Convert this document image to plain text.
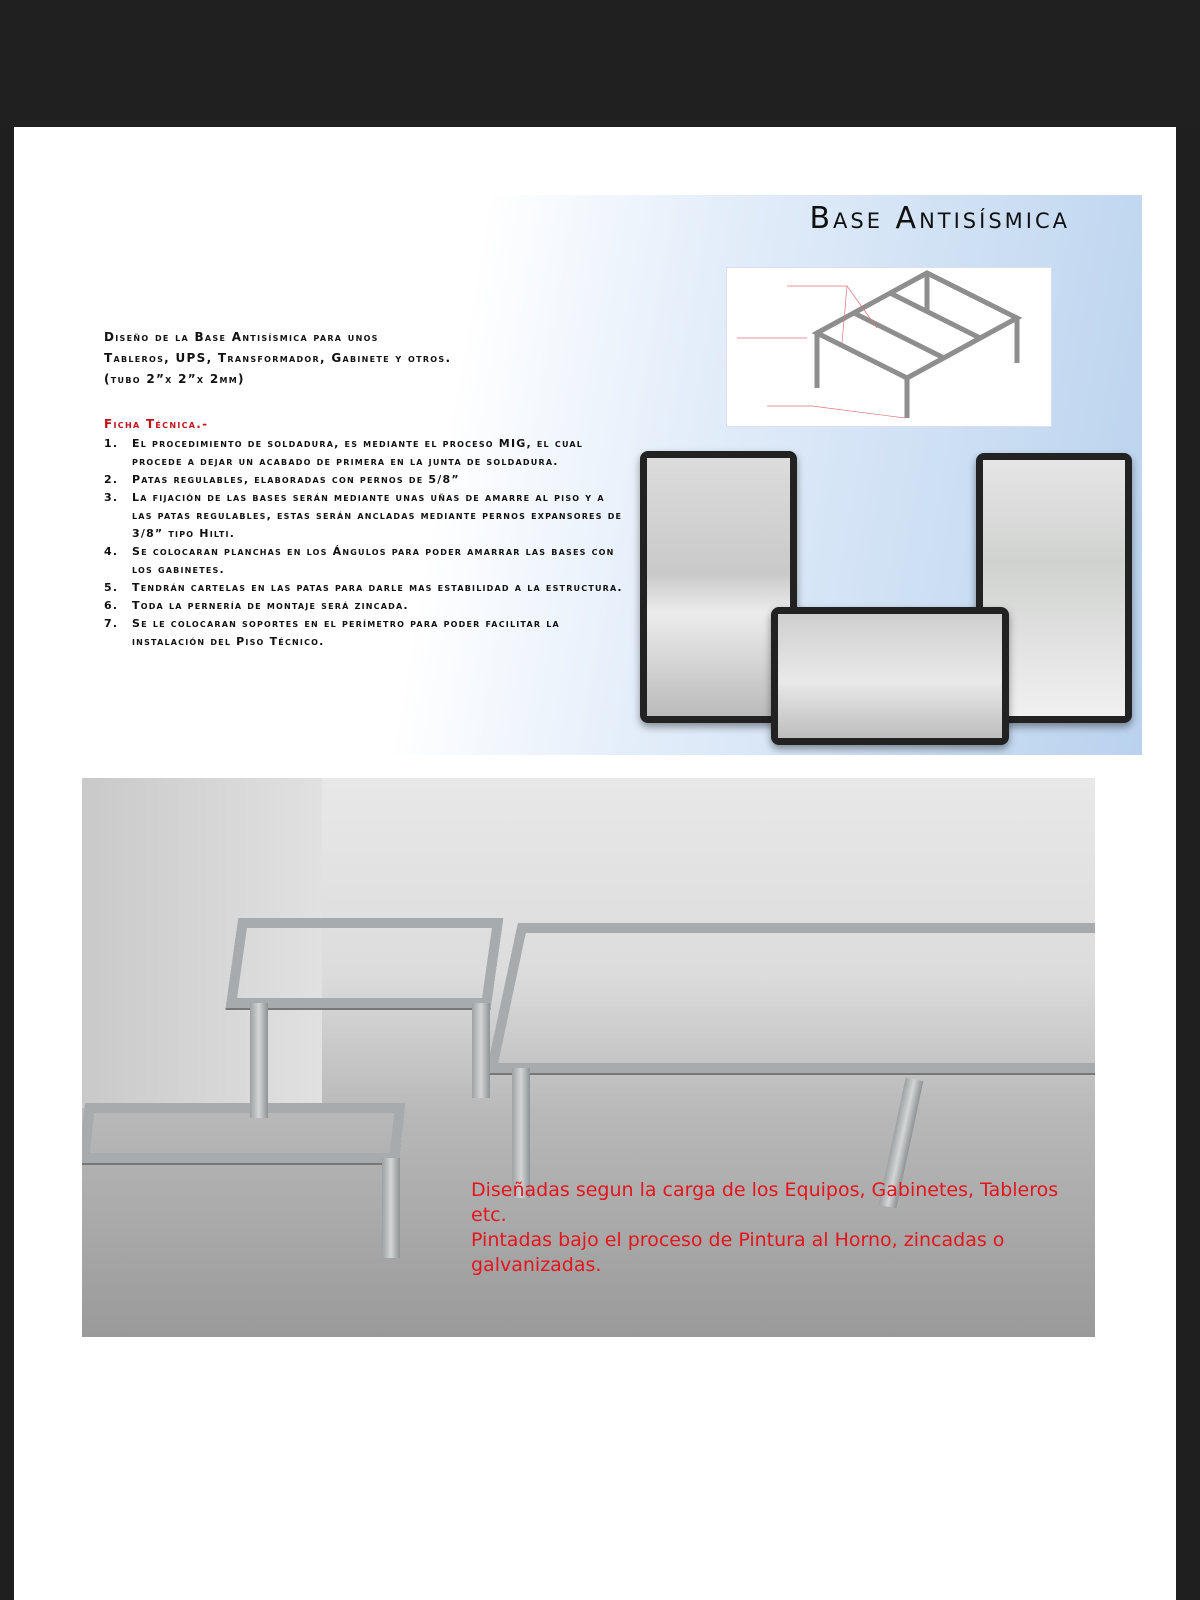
Base Antisísmica
Diseño de la Base Antisísmica para unos
Tableros, UPS, Transformador, Gabinete y otros.
(tubo 2”x 2”x 2mm)
Ficha Técnica.-
1.	El procedimiento de soldadura, es mediante el proceso MIG, el cual procede a dejar un acabado de primera en la junta de soldadura.
2.	Patas regulables, elaboradas con pernos de 5/8”
3.	La fijación de las bases serán mediante unas uñas de amarre al piso y a las patas regulables, estas serán ancladas mediante pernos expansores de 3/8” tipo Hilti.
4.	Se colocaran planchas en los Ángulos para poder amarrar las bases con los gabinetes.
5.	Tendrán cartelas en las patas para darle mas estabilidad a la estructura.
6.	Toda la pernería de montaje será zincada.
7.	Se le colocaran soportes en el perímetro para poder facilitar la instalación del Piso Técnico.
Diseñadas segun la carga de los Equipos, Gabinetes, Tableros etc.
Pintadas bajo el proceso de Pintura al Horno, zincadas o galvanizadas.
